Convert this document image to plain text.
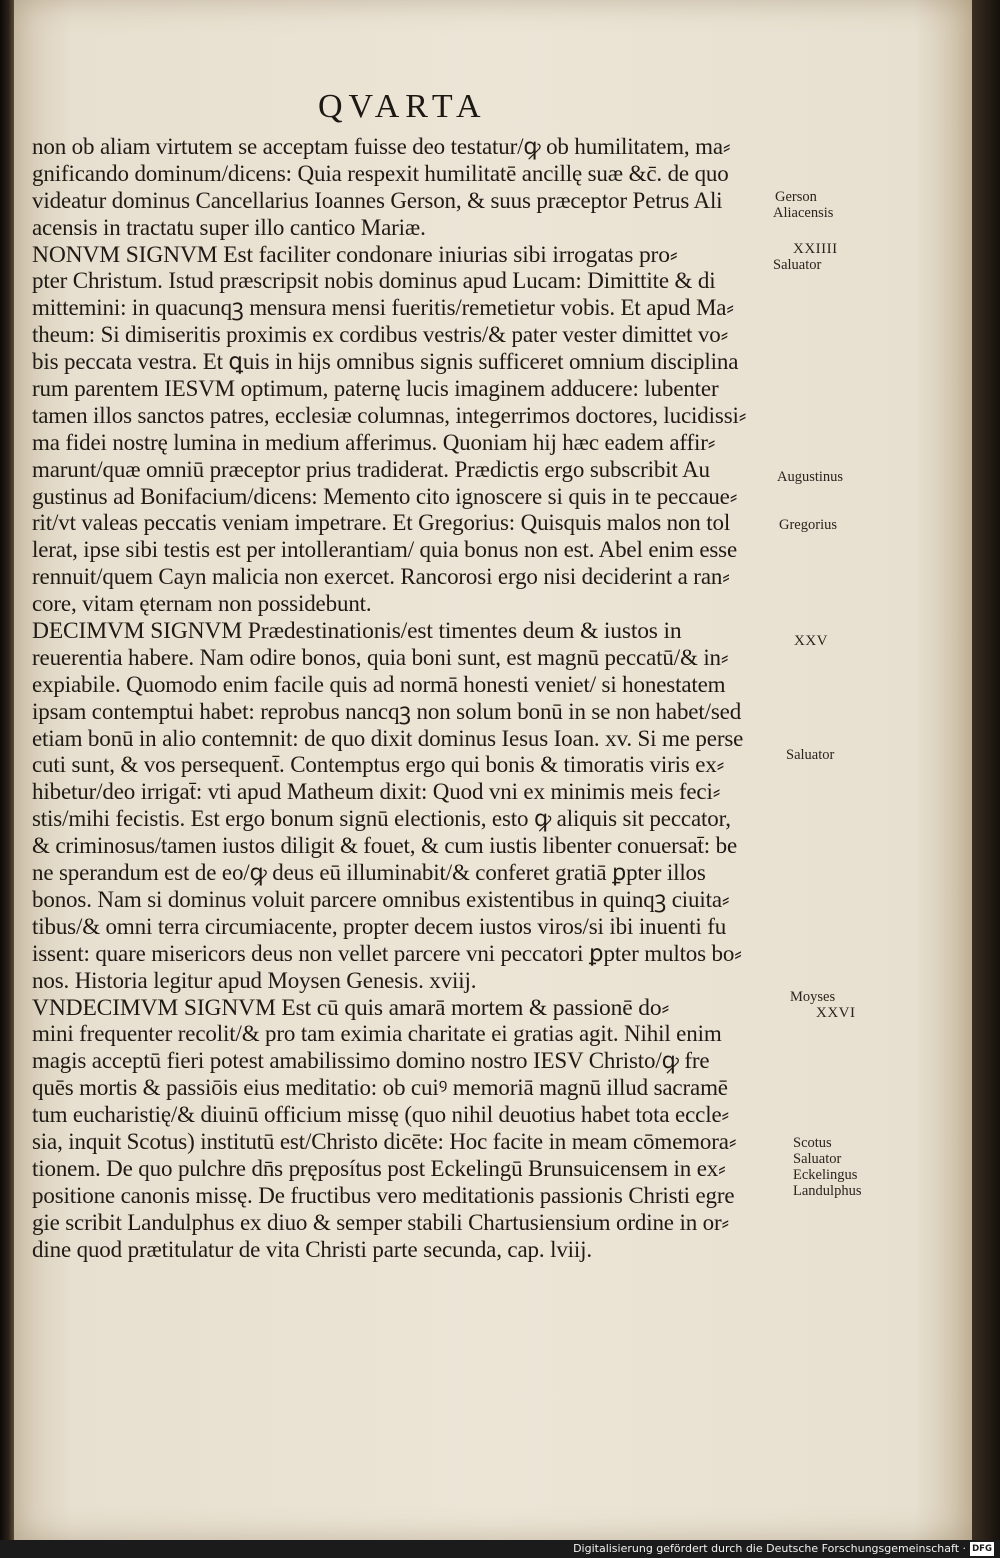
QVARTA
non ob aliam virtutem se acceptam fuisse deo testatur/ꝙ ob humilitatem, ma⸗
gnificando dominum/dicens: Quia respexit humilitatē ancillę suæ &c̄. de quo
videatur dominus Cancellarius Ioannes Gerson, & suus præceptor Petrus Ali
acensis in tractatu super illo cantico Mariæ.
NONVM SIGNVM Est faciliter condonare iniurias sibi irrogatas pro⸗
pter Christum. Istud præscripsit nobis dominus apud Lucam: Dimittite & di
mittemini: in quacunqꝫ mensura mensi fueritis/remetietur vobis. Et apud Ma⸗
theum: Si dimiseritis proximis ex cordibus vestris/& pater vester dimittet vo⸗
bis peccata vestra. Et ꝗuis in hijs omnibus signis sufficeret omnium disciplina
rum parentem IESVM optimum, paternę lucis imaginem adducere: lubenter
tamen illos sanctos patres, ecclesiæ columnas, integerrimos doctores, lucidissi⸗
ma fidei nostrę lumina in medium afferimus. Quoniam hij hæc eadem affir⸗
marunt/quæ omniū præceptor prius tradiderat. Prædictis ergo subscribit Au
gustinus ad Bonifacium/dicens: Memento cito ignoscere si quis in te peccaue⸗
rit/vt valeas peccatis veniam impetrare. Et Gregorius: Quisquis malos non tol
lerat, ipse sibi testis est per intollerantiam/ quia bonus non est. Abel enim esse
rennuit/quem Cayn malicia non exercet. Rancorosi ergo nisi deciderint a ran⸗
core, vitam ęternam non possidebunt.
DECIMVM SIGNVM Prædestinationis/est timentes deum & iustos in
reuerentia habere. Nam odire bonos, quia boni sunt, est magnū peccatū/& in⸗
expiabile. Quomodo enim facile quis ad normā honesti veniet/ si honestatem
ipsam contemptui habet: reprobus nancqꝫ non solum bonū in se non habet/sed
etiam bonū in alio contemnit: de quo dixit dominus Iesus Ioan. xv. Si me perse
cuti sunt, & vos persequent̄. Contemptus ergo qui bonis & timoratis viris ex⸗
hibetur/deo irrigat̄: vti apud Matheum dixit: Quod vni ex minimis meis feci⸗
stis/mihi fecistis. Est ergo bonum signū electionis, esto ꝙ aliquis sit peccator,
& criminosus/tamen iustos diligit & fouet, & cum iustis libenter conuersat̄: be
ne sperandum est de eo/ꝙ deus eū illuminabit/& conferet gratiā ꝑpter illos
bonos. Nam si dominus voluit parcere omnibus existentibus in quinqꝫ ciuita⸗
tibus/& omni terra circumiacente, propter decem iustos viros/si ibi inuenti fu
issent: quare misericors deus non vellet parcere vni peccatori ꝑpter multos bo⸗
nos. Historia legitur apud Moysen Genesis. xviij.
VNDECIMVM SIGNVM Est cū quis amarā mortem & passionē do⸗
mini frequenter recolit/& pro tam eximia charitate ei gratias agit. Nihil enim
magis acceptū fieri potest amabilissimo domino nostro IESV Christo/ꝙ fre
quēs mortis & passiōis eius meditatio: ob cuiꝰ memoriā magnū illud sacramē
tum eucharistię/& diuinū officium missę (quo nihil deuotius habet tota eccle⸗
sia, inquit Scotus) institutū est/Christo dicēte: Hoc facite in meam cōmemora⸗
tionem. De quo pulchre dn̄s pręposítus post Eckelingū Brunsuicensem in ex⸗
positione canonis missę. De fructibus vero meditationis passionis Christi egre
gie scribit Landulphus ex diuo & semper stabili Chartusiensium ordine in or⸗
dine quod prætitulatur de vita Christi parte secunda, cap. lviij.
Gerson
Aliacensis
XXIIII
Saluator
Augustinus
Gregorius
XXV
Saluator
Moyses
XXVI
Scotus
Saluator
Eckelingus
Landulphus
Digitalisierung gefördert durch die Deutsche Forschungsgemeinschaft · DFG
